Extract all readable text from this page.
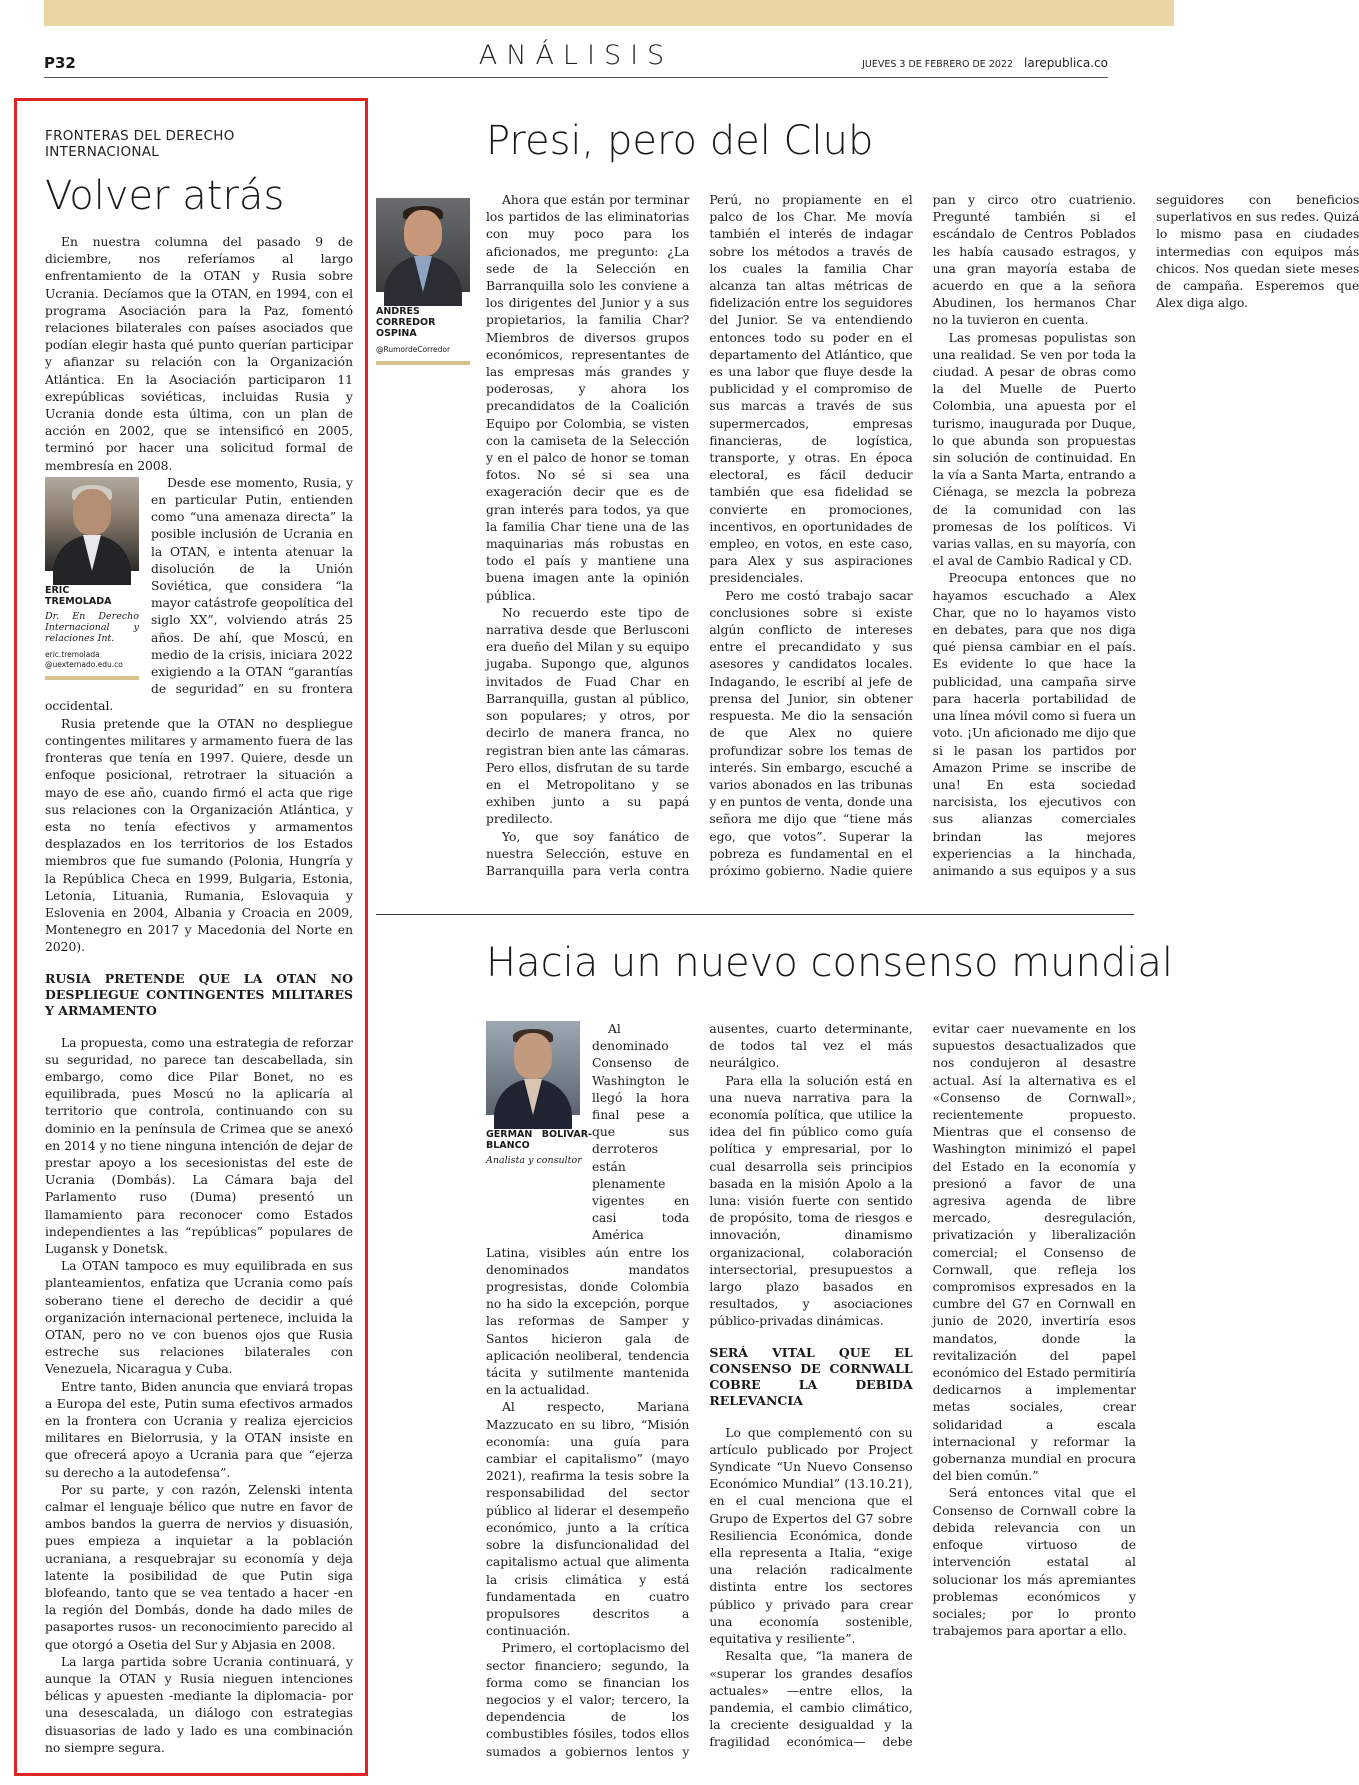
P32	ANÁLISIS	JUEVES 3 DE FEBRERO DE 2022 larepublica.co
FRONTERAS DEL DERECHO INTERNACIONAL
Volver atrás

En nuestra columna del pasado 9 de diciembre, nos referíamos al largo enfrentamiento de la OTAN y Rusia sobre Ucrania. Decíamos que la OTAN, en 1994, con el programa Asociación para la Paz, fomentó relaciones bilaterales con países asociados que podían elegir hasta qué punto querían participar y afianzar su relación con la Organización Atlántica. En la Asociación participaron 11 exrepúblicas soviéticas, incluidas Rusia y Ucrania donde esta última, con un plan de acción en 2002, que se intensificó en 2005, terminó por hacer una solicitud formal de membresía en 2008.

ERIC TREMOLADA
Dr. En Derecho Internacional y relaciones Int.
eric.tremolada
@uexternado.edu.co

Desde ese momento, Rusia, y en particular Putin, entienden como “una amenaza directa” la posible inclusión de Ucrania en la OTAN, e intenta atenuar la disolución de la Unión Soviética, que considera “la mayor catástrofe geopolítica del siglo XX”, volviendo atrás 25 años. De ahí, que Moscú, en medio de la crisis, iniciara 2022 exigiendo a la OTAN “garantías de seguridad” en su frontera occidental.

Rusia pretende que la OTAN no despliegue contingentes militares y armamento fuera de las fronteras que tenía en 1997. Quiere, desde un enfoque posicional, retrotraer la situación a mayo de ese año, cuando firmó el acta que rige sus relaciones con la Organización Atlántica, y esta no tenía efectivos y armamentos desplazados en los territorios de los Estados miembros que fue sumando (Polonia, Hungría y la República Checa en 1999, Bulgaria, Estonia, Letonia, Lituania, Rumania, Eslovaquia y Eslovenia en 2004, Albania y Croacia en 2009, Montenegro en 2017 y Macedonia del Norte en 2020).

RUSIA PRETENDE QUE LA OTAN NO DESPLIEGUE CONTINGENTES MILITARES Y ARMAMENTO

La propuesta, como una estrategia de reforzar su seguridad, no parece tan descabellada, sin embargo, como dice Pilar Bonet, no es equilibrada, pues Moscú no la aplicaría al territorio que controla, continuando con su dominio en la península de Crimea que se anexó en 2014 y no tiene ninguna intención de dejar de prestar apoyo a los secesionistas del este de Ucrania (Dombás). La Cámara baja del Parlamento ruso (Duma) presentó un llamamiento para reconocer como Estados independientes a las “repúblicas” populares de Lugansk y Donetsk.

La OTAN tampoco es muy equilibrada en sus planteamientos, enfatiza que Ucrania como país soberano tiene el derecho de decidir a qué organización internacional pertenece, incluida la OTAN, pero no ve con buenos ojos que Rusia estreche sus relaciones bilaterales con Venezuela, Nicaragua y Cuba.

Entre tanto, Biden anuncia que enviará tropas a Europa del este, Putin suma efectivos armados en la frontera con Ucrania y realiza ejercicios militares en Bielorrusia, y la OTAN insiste en que ofrecerá apoyo a Ucrania para que “ejerza su derecho a la autodefensa”.

Por su parte, y con razón, Zelenski intenta calmar el lenguaje bélico que nutre en favor de ambos bandos la guerra de nervios y disuasión, pues empieza a inquietar a la población ucraniana, a resquebrajar su economía y deja latente la posibilidad de que Putin siga blofeando, tanto que se vea tentado a hacer -en la región del Dombás, donde ha dado miles de pasaportes rusos- un reconocimiento parecido al que otorgó a Osetia del Sur y Abjasia en 2008.

La larga partida sobre Ucrania continuará, y aunque la OTAN y Rusia nieguen intenciones bélicas y apuesten -mediante la diplomacia- por una desescalada, un diálogo con estrategias disuasorias de lado y lado es una combinación no siempre segura.

Presi, pero del Club
ANDRÉS CORREDOR OSPINA
@RumordeCorredor

Ahora que están por terminar los partidos de las eliminatorias con muy poco para los aficionados, me pregunto: ¿La sede de la Selección en Barranquilla solo les conviene a los dirigentes del Junior y a sus propietarios, la familia Char? Miembros de diversos grupos económicos, representantes de las empresas más grandes y poderosas, y ahora los precandidatos de la Coalición Equipo por Colombia, se visten con la camiseta de la Selección y en el palco de honor se toman fotos. No sé si sea una exageración decir que es de gran interés para todos, ya que la familia Char tiene una de las maquinarias más robustas en todo el país y mantiene una buena imagen ante la opinión pública.

No recuerdo este tipo de narrativa desde que Berlusconi era dueño del Milan y su equipo jugaba. Supongo que, algunos invitados de Fuad Char en Barranquilla, gustan al público, son populares; y otros, por decirlo de manera franca, no registran bien ante las cámaras. Pero ellos, disfrutan de su tarde en el Metropolitano y se exhiben junto a su papá predilecto.

Yo, que soy fanático de nuestra Selección, estuve en Barranquilla para verla contra Perú, no propiamente en el palco de los Char. Me movía también el interés de indagar sobre los métodos a través de los cuales la familia Char alcanza tan altas métricas de fidelización entre los seguidores del Junior. Se va entendiendo entonces todo su poder en el departamento del Atlántico, que es una labor que fluye desde la publicidad y el compromiso de sus marcas a través de sus supermercados, empresas financieras, de logística, transporte, y otras. En época electoral, es fácil deducir también que esa fidelidad se convierte en promociones, incentivos, en oportunidades de empleo, en votos, en este caso, para Alex y sus aspiraciones presidenciales.

Pero me costó trabajo sacar conclusiones sobre si existe algún conflicto de intereses entre el precandidato y sus asesores y candidatos locales. Indagando, le escribí al jefe de prensa del Junior, sin obtener respuesta. Me dio la sensación de que Alex no quiere profundizar sobre los temas de interés. Sin embargo, escuché a varios abonados en las tribunas y en puntos de venta, donde una señora me dijo que “tiene más ego, que votos”. Superar la pobreza es fundamental en el próximo gobierno. Nadie quiere pan y circo otro cuatrienio. Pregunté también si el escándalo de Centros Poblados les había causado estragos, y una gran mayoría estaba de acuerdo en que a la señora Abudinen, los hermanos Char no la tuvieron en cuenta.

Las promesas populistas son una realidad. Se ven por toda la ciudad. A pesar de obras como la del Muelle de Puerto Colombia, una apuesta por el turismo, inaugurada por Duque, lo que abunda son propuestas sin solución de continuidad. En la vía a Santa Marta, entrando a Ciénaga, se mezcla la pobreza de la comunidad con las promesas de los políticos. Vi varias vallas, en su mayoría, con el aval de Cambio Radical y CD.

Preocupa entonces que no hayamos escuchado a Alex Char, que no lo hayamos visto en debates, para que nos diga qué piensa cambiar en el país. Es evidente lo que hace la publicidad, una campaña sirve para hacerla portabilidad de una línea móvil como si fuera un voto. ¡Un aficionado me dijo que si le pasan los partidos por Amazon Prime se inscribe de una! En esta sociedad narcisista, los ejecutivos con sus alianzas comerciales brindan las mejores experiencias a la hinchada, animando a sus equipos y a sus seguidores con beneficios superlativos en sus redes. Quizá lo mismo pasa en ciudades intermedias con equipos más chicos. Nos quedan siete meses de campaña. Esperemos que Alex diga algo.

Hacia un nuevo consenso mundial
GERMÁN BOLÍVAR-BLANCO
Analista y consultor

Al denominado Consenso de Washington le llegó la hora final pese a que sus derroteros están plenamente vigentes en casi toda América Latina, visibles aún entre los denominados mandatos progresistas, donde Colombia no ha sido la excepción, porque las reformas de Samper y Santos hicieron gala de aplicación neoliberal, tendencia tácita y sutilmente mantenida en la actualidad.

Al respecto, Mariana Mazzucato en su libro, “Misión economía: una guía para cambiar el capitalismo” (mayo 2021), reafirma la tesis sobre la responsabilidad del sector público al liderar el desempeño económico, junto a la crítica sobre la disfuncionalidad del capitalismo actual que alimenta la crisis climática y está fundamentada en cuatro propulsores descritos a continuación.

Primero, el cortoplacismo del sector financiero; segundo, la forma como se financian los negocios y el valor; tercero, la dependencia de los combustibles fósiles, todos ellos sumados a gobiernos lentos y ausentes, cuarto determinante, de todos tal vez el más neurálgico.

Para ella la solución está en una nueva narrativa para la economía política, que utilice la idea del fin público como guía política y empresarial, por lo cual desarrolla seis principios basada en la misión Apolo a la luna: visión fuerte con sentido de propósito, toma de riesgos e innovación, dinamismo organizacional, colaboración intersectorial, presupuestos a largo plazo basados en resultados, y asociaciones público-privadas dinámicas.

SERÁ VITAL QUE EL CONSENSO DE CORNWALL COBRE LA DEBIDA RELEVANCIA

Lo que complementó con su artículo publicado por Project Syndicate “Un Nuevo Consenso Económico Mundial” (13.10.21), en el cual menciona que el Grupo de Expertos del G7 sobre Resiliencia Económica, donde ella representa a Italia, “exige una relación radicalmente distinta entre los sectores público y privado para crear una economía sostenible, equitativa y resiliente”.

Resalta que, “la manera de «superar los grandes desafíos actuales» —entre ellos, la pandemia, el cambio climático, la creciente desigualdad y la fragilidad económica— debe evitar caer nuevamente en los supuestos desactualizados que nos condujeron al desastre actual. Así la alternativa es el «Consenso de Cornwall», recientemente propuesto. Mientras que el consenso de Washington minimizó el papel del Estado en la economía y presionó a favor de una agresiva agenda de libre mercado, desregulación, privatización y liberalización comercial; el Consenso de Cornwall, que refleja los compromisos expresados en la cumbre del G7 en Cornwall en junio de 2020, invertiría esos mandatos, donde la revitalización del papel económico del Estado permitiría dedicarnos a implementar metas sociales, crear solidaridad a escala internacional y reformar la gobernanza mundial en procura del bien común.”

Será entonces vital que el Consenso de Cornwall cobre la debida relevancia con un enfoque virtuoso de intervención estatal al solucionar los más apremiantes problemas económicos y sociales; por lo pronto trabajemos para aportar a ello.
